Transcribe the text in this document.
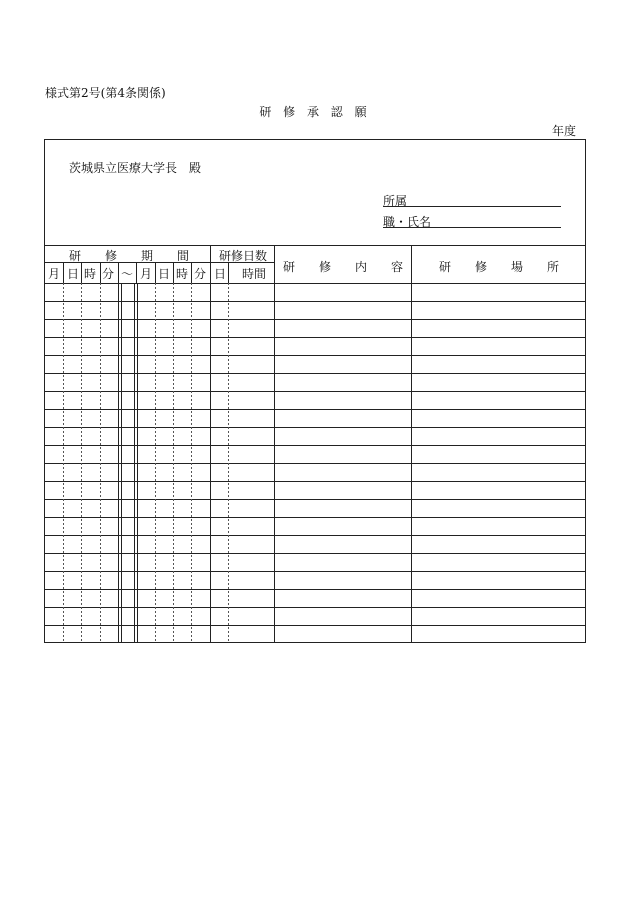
様式第2号(第4条関係)
研 修 承 認 願
年度
茨城県立医療大学長　殿
所属
職・氏名
研　　修　　期　　間 研修日数
研　　修　　内　　容	研　　修　　場　　所
月 日 時 分 〜 月 日 時 分 日 時間
